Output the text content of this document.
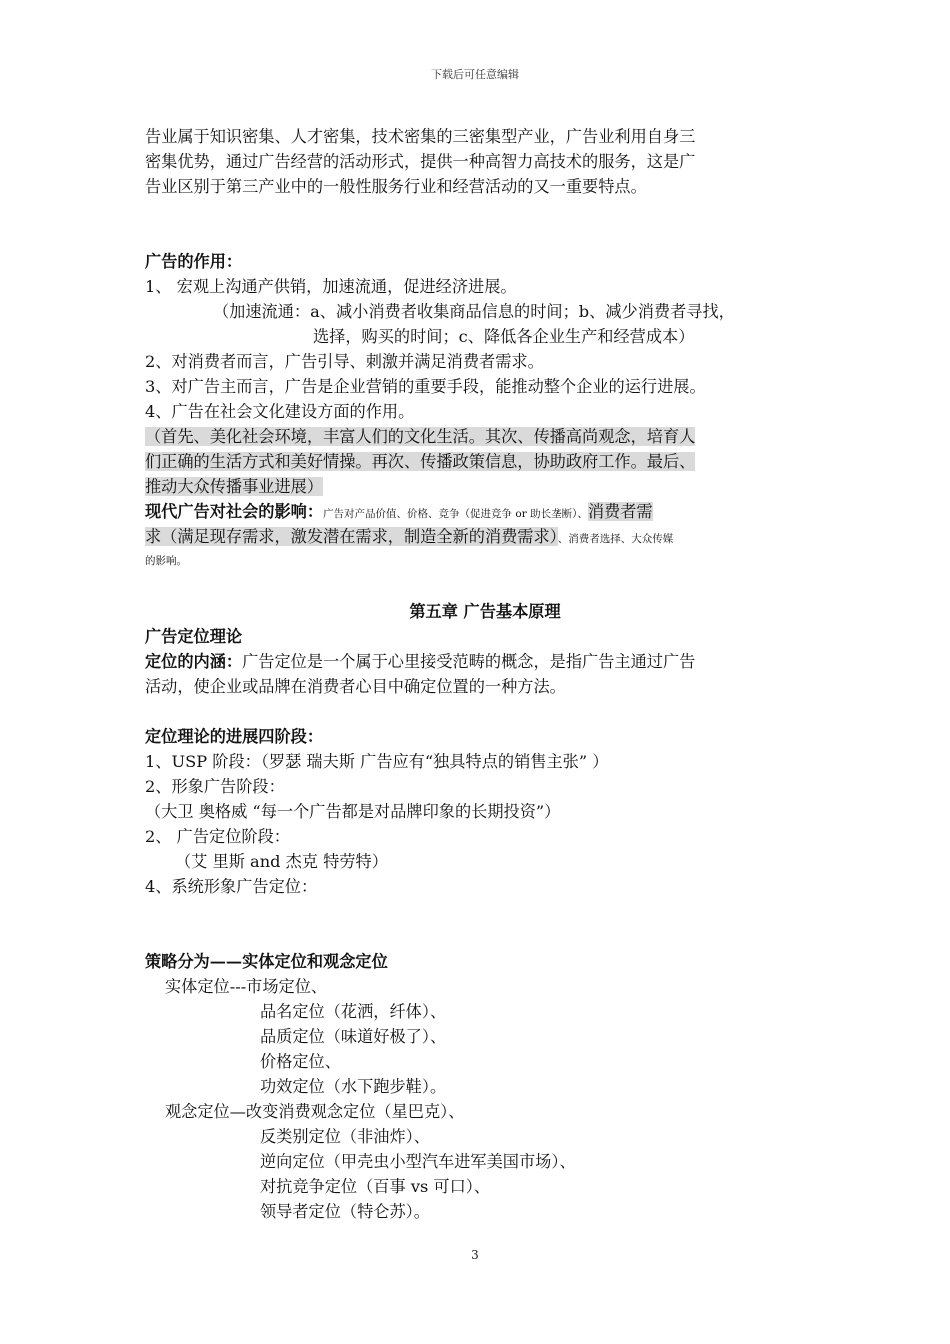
下载后可任意编辑
告业属于知识密集、人才密集，技术密集的三密集型产业，广告业利用自身三
密集优势，通过广告经营的活动形式，提供一种高智力高技术的服务，这是广
告业区别于第三产业中的一般性服务行业和经营活动的又一重要特点。
广告的作用：
1、 宏观上沟通产供销，加速流通，促进经济进展。
（加速流通：a、减小消费者收集商品信息的时间；b、减少消费者寻找，
选择，购买的时间；c、降低各企业生产和经营成本）
2、对消费者而言，广告引导、刺激并满足消费者需求。
3、对广告主而言，广告是企业营销的重要手段，能推动整个企业的运行进展。
4、广告在社会文化建设方面的作用。
（首先、美化社会环境，丰富人们的文化生活。其次、传播高尚观念，培育人
们正确的生活方式和美好情操。再次、传播政策信息，协助政府工作。最后、
推动大众传播事业进展）
现代广告对社会的影响：广告对产品价值、价格、竞争（促进竞争 or 助长垄断）、消费者需
求（满足现存需求，激发潜在需求，制造全新的消费需求）、消费者选择、大众传媒
的影响。
第五章 广告基本原理
广告定位理论
定位的内涵：广告定位是一个属于心里接受范畴的概念，是指广告主通过广告
活动，使企业或品牌在消费者心目中确定位置的一种方法。
定位理论的进展四阶段：
1、USP 阶段：（罗瑟 瑞夫斯 广告应有“独具特点的销售主张” ）
2、形象广告阶段：
（大卫 奥格威 “每一个广告都是对品牌印象的长期投资”）
2、 广告定位阶段：
（艾 里斯 and 杰克 特劳特）
4、系统形象广告定位：
策略分为——实体定位和观念定位
实体定位---市场定位、
品名定位（花洒，纤体）、
品质定位（味道好极了）、
价格定位、
功效定位（水下跑步鞋）。
观念定位—改变消费观念定位（星巴克）、
反类别定位（非油炸）、
逆向定位（甲壳虫小型汽车进军美国市场）、
对抗竞争定位（百事 vs 可口）、
领导者定位（特仑苏）。
3
